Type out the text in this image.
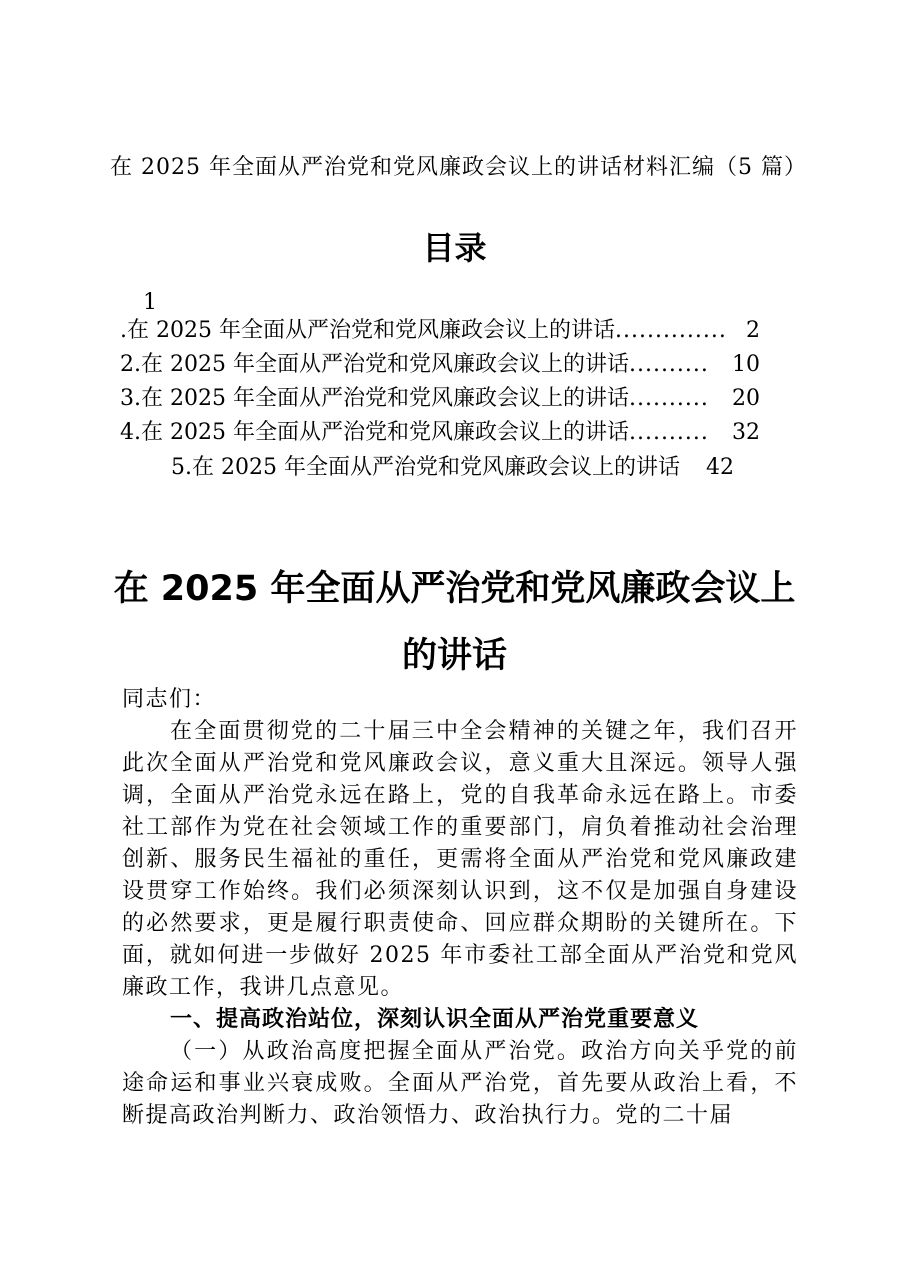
在 2025 年全面从严治党和党风廉政会议上的讲话材料汇编（5 篇）
目录
1
.在 2025 年全面从严治党和党风廉政会议上的讲话 .............. 2
2.在 2025 年全面从严治党和党风廉政会议上的讲话 ..........	10
3.在 2025 年全面从严治党和党风廉政会议上的讲话 ..........	20
4.在 2025 年全面从严治党和党风廉政会议上的讲话 ..........	32
5.在 2025 年全面从严治党和党风廉政会议上的讲话 42
在 2025 年全面从严治党和党风廉政会议上的讲话

同志们：

在全面贯彻党的二十届三中全会精神的关键之年，我们召开此次全面从严治党和党风廉政会议，意义重大且深远。领导人强调，全面从严治党永远在路上，党的自我革命永远在路上。市委社工部作为党在社会领域工作的重要部门，肩负着推动社会治理创新、服务民生福祉的重任，更需将全面从严治党和党风廉政建设贯穿工作始终。我们必须深刻认识到，这不仅是加强自身建设的必然要求，更是履行职责使命、回应群众期盼的关键所在。下面，就如何进一步做好 2025 年市委社工部全面从严治党和党风廉政工作，我讲几点意见。

一、提高政治站位，深刻认识全面从严治党重要意义

（一）从政治高度把握全面从严治党。政治方向关乎党的前途命运和事业兴衰成败。全面从严治党，首先要从政治上看，不断提高政治判断力、政治领悟力、政治执行力。党的二十届
